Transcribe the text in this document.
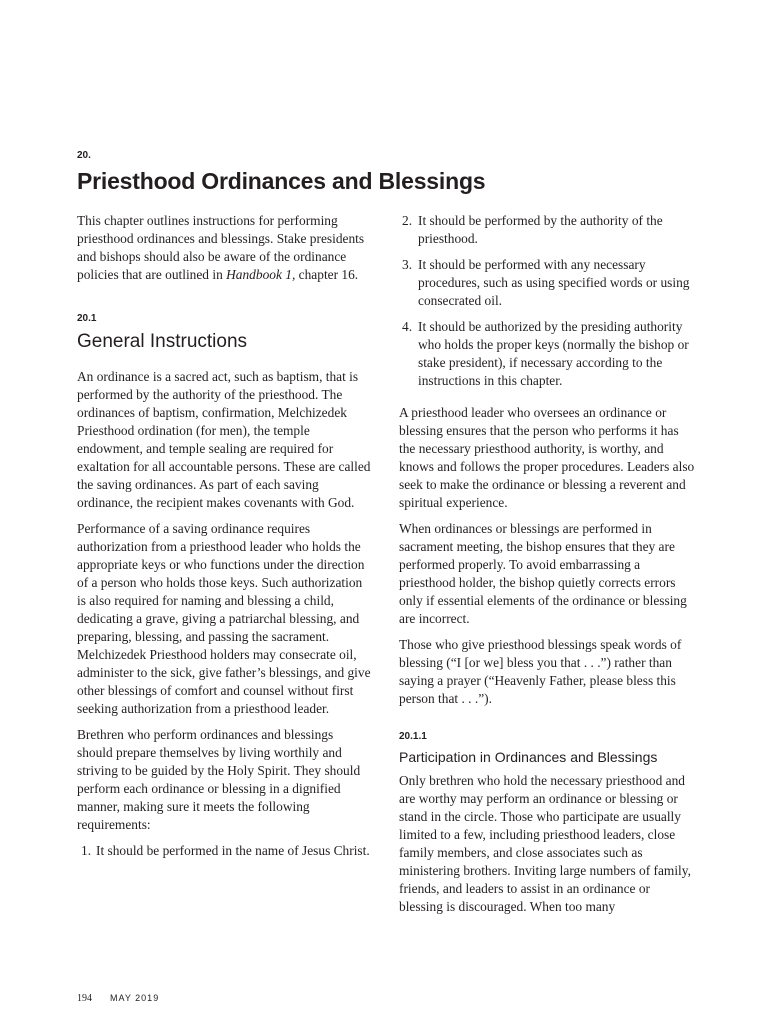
20.
Priesthood Ordinances and Blessings

This chapter outlines instructions for performing priesthood ordinances and blessings. Stake presidents and bishops should also be aware of the ordinance policies that are outlined in Handbook 1, chapter 16.

20.1
General Instructions

An ordinance is a sacred act, such as baptism, that is performed by the authority of the priesthood. The ordinances of baptism, confirmation, Melchizedek Priesthood ordination (for men), the temple endowment, and temple sealing are required for exaltation for all accountable persons. These are called the saving ordinances. As part of each saving ordinance, the recipient makes covenants with God.

Performance of a saving ordinance requires authorization from a priesthood leader who holds the appropriate keys or who functions under the direction of a person who holds those keys. Such authorization is also required for naming and blessing a child, dedicating a grave, giving a patriarchal blessing, and preparing, blessing, and passing the sacrament. Melchizedek Priesthood holders may consecrate oil, administer to the sick, give father’s blessings, and give other blessings of comfort and counsel without first seeking authorization from a priesthood leader.

Brethren who perform ordinances and blessings should prepare themselves by living worthily and striving to be guided by the Holy Spirit. They should perform each ordinance or blessing in a dignified manner, making sure it meets the following requirements:

1. It should be performed in the name of Jesus Christ.
2. It should be performed by the authority of the priesthood.
3. It should be performed with any necessary procedures, such as using specified words or using consecrated oil.
4. It should be authorized by the presiding authority who holds the proper keys (normally the bishop or stake president), if necessary according to the instructions in this chapter.

A priesthood leader who oversees an ordinance or blessing ensures that the person who performs it has the necessary priesthood authority, is worthy, and knows and follows the proper procedures. Leaders also seek to make the ordinance or blessing a reverent and spiritual experience.

When ordinances or blessings are performed in sacrament meeting, the bishop ensures that they are performed properly. To avoid embarrassing a priesthood holder, the bishop quietly corrects errors only if essential elements of the ordinance or blessing are incorrect.

Those who give priesthood blessings speak words of blessing (“I [or we] bless you that . . .”) rather than saying a prayer (“Heavenly Father, please bless this person that . . .”).

20.1.1
Participation in Ordinances and Blessings

Only brethren who hold the necessary priesthood and are worthy may perform an ordinance or blessing or stand in the circle. Those who participate are usually limited to a few, including priesthood leaders, close family members, and close associates such as ministering brothers. Inviting large numbers of family, friends, and leaders to assist in an ordinance or blessing is discouraged. When too many

194 MAY 2019
